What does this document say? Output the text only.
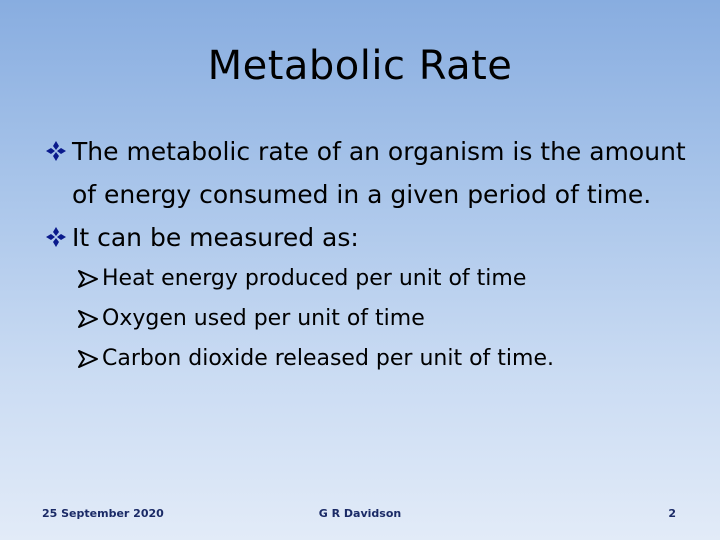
Metabolic Rate
The metabolic rate of an organism is the amount of energy consumed in a given period of time.
It can be measured as:
Heat energy produced per unit of time
Oxygen used per unit of time
Carbon dioxide released per unit of time.
25 September 2020	G R Davidson	2
